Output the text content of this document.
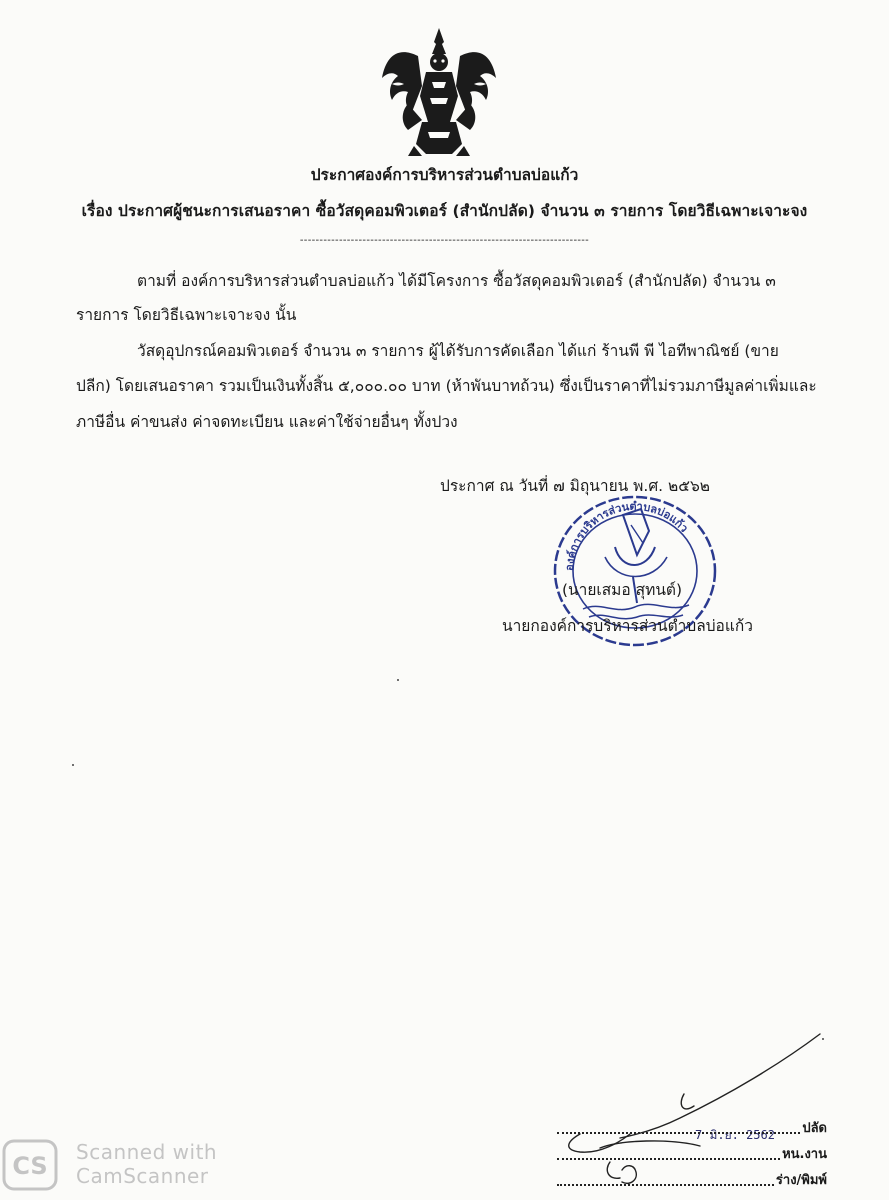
ประกาศองค์การบริหารส่วนตำบลบ่อแก้ว
เรื่อง ประกาศผู้ชนะการเสนอราคา ซื้อวัสดุคอมพิวเตอร์ (สำนักปลัด) จำนวน ๓ รายการ โดยวิธีเฉพาะเจาะจง
--------------------------------------------------------------------------
ตามที่ องค์การบริหารส่วนตำบลบ่อแก้ว ได้มีโครงการ ซื้อวัสดุคอมพิวเตอร์ (สำนักปลัด) จำนวน ๓
รายการ โดยวิธีเฉพาะเจาะจง นั้น
วัสดุอุปกรณ์คอมพิวเตอร์ จำนวน ๓ รายการ ผู้ได้รับการคัดเลือก ได้แก่ ร้านพี พี ไอทีพาณิชย์ (ขาย
ปลีก) โดยเสนอราคา รวมเป็นเงินทั้งสิ้น ๕,๐๐๐.๐๐ บาท (ห้าพันบาทถ้วน) ซึ่งเป็นราคาที่ไม่รวมภาษีมูลค่าเพิ่มและ
ภาษีอื่น ค่าขนส่ง ค่าจดทะเบียน และค่าใช้จ่ายอื่นๆ ทั้งปวง
องค์การบริหารส่วนตำบลบ่อแก้ว
ประกาศ ณ วันที่ ๗ มิถุนายน พ.ศ. ๒๕๖๒
(นายเสมอ สุทนต์)
นายกองค์การบริหารส่วนตำบลบ่อแก้ว
7 มิ.ย. 2562 ปลัด
หน.งาน
ร่าง/พิมพ์
CS Scanned with
CamScanner
